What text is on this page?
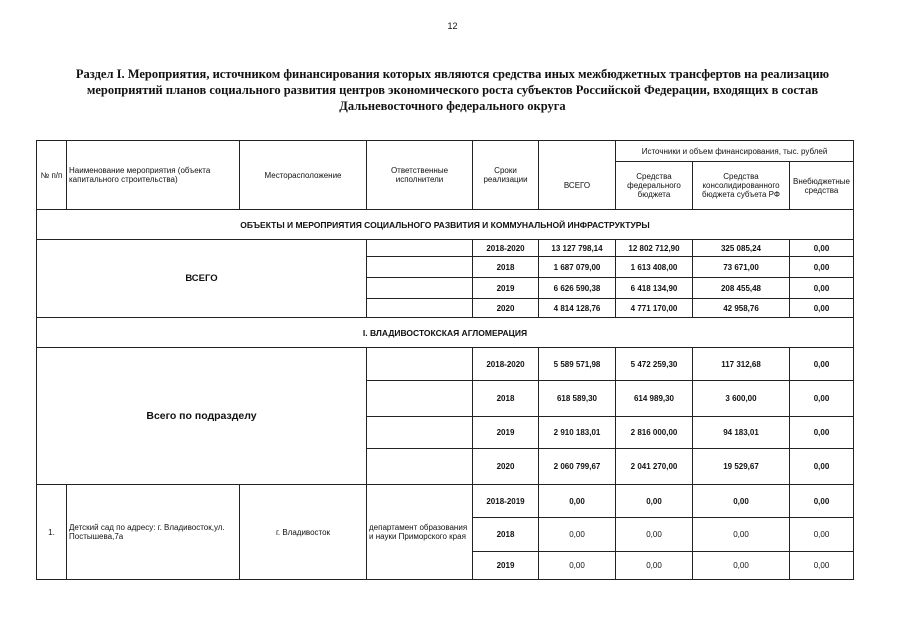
12
Раздел I. Мероприятия, источником финансирования которых являются средства иных межбюджетных трансфертов на реализацию мероприятий планов социального развития центров экономического роста субъектов Российской Федерации, входящих в состав Дальневосточного федерального округа
№ п/п	Наименование мероприятия (объекта капитального строительства)	Месторасположение	Ответственные исполнители	Сроки реализации		Источники и объем финансирования, тыс. рублей		
					ВСЕГО	Средства федерального бюджета	Средства консолидированного бюджета субъета РФ	Внебюджетные средства
ОБЪЕКТЫ И МЕРОПРИЯТИЯ СОЦИАЛЬНОГО РАЗВИТИЯ И КОММУНАЛЬНОЙ ИНФРАСТРУКТУРЫ								
ВСЕГО				2018-2020	13 127 798,14	12 802 712,90	325 085,24	0,00
				2018	1 687 079,00	1 613 408,00	73 671,00	0,00
				2019	6 626 590,38	6 418 134,90	208 455,48	0,00
				2020	4 814 128,76	4 771 170,00	42 958,76	0,00
I. ВЛАДИВОСТОКСКАЯ АГЛОМЕРАЦИЯ								
Всего по подразделу				2018-2020	5 589 571,98	5 472 259,30	117 312,68	0,00
				2018	618 589,30	614 989,30	3 600,00	0,00
				2019	2 910 183,01	2 816 000,00	94 183,01	0,00
				2020	2 060 799,67	2 041 270,00	19 529,67	0,00
1.	Детский сад по адресу: г. Владивосток,ул. Постышева,7а	г. Владивосток	департамент образования и науки Приморского края	2018-2019	0,00	0,00	0,00	0,00
				2018	0,00	0,00	0,00	0,00
				2019	0,00	0,00	0,00	0,00
